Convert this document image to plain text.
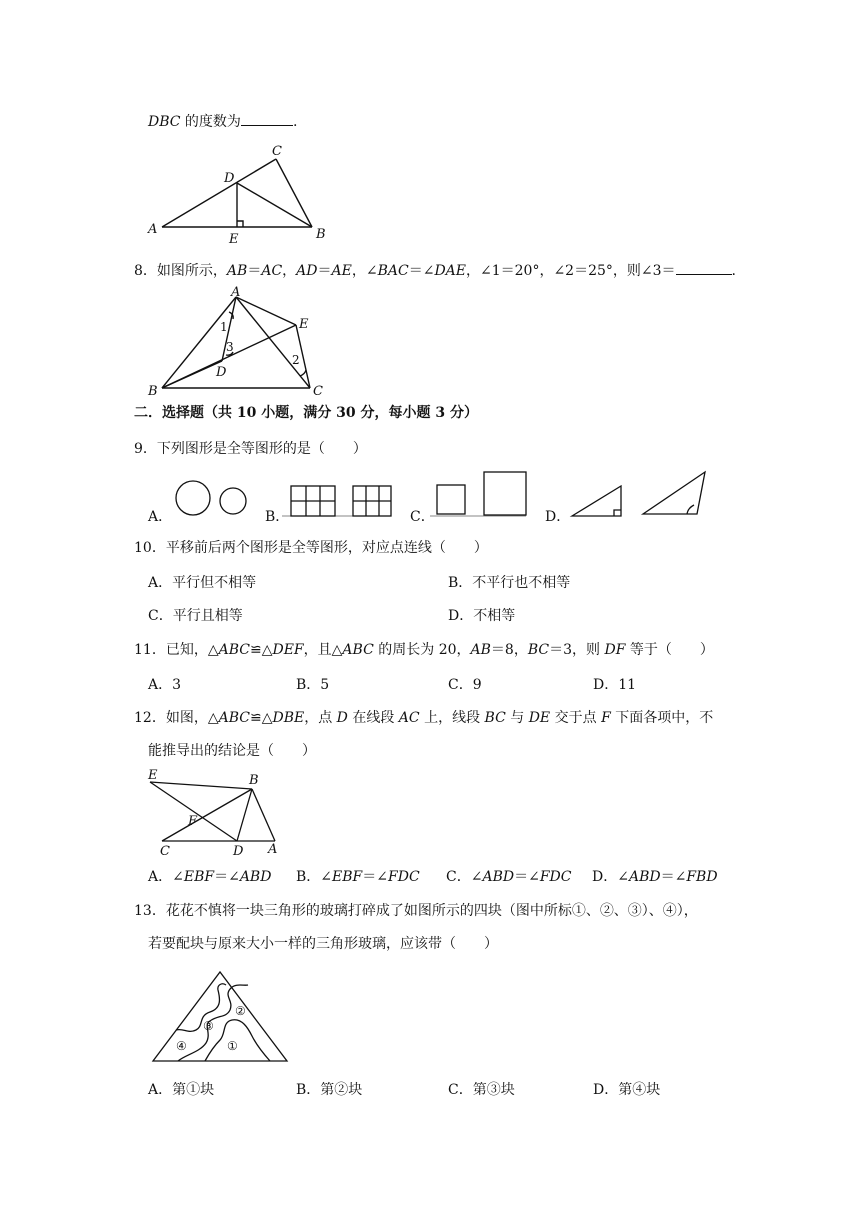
DBC 的度数为	.
A	B
C
D
E
8．如图所示，AB＝AC，AD＝AE，∠BAC＝∠DAE，∠1＝20°，∠2＝25°，则∠3＝	.
A
B	C
D
E
1
2
3
二．选择题（共 10 小题，满分 30 分，每小题 3 分）
9．下列图形是全等图形的是（　　）
A．	B．	C．	D．
10．平移前后两个图形是全等图形，对应点连线（　　）
A．平行但不相等	B．不平行也不相等
C．平行且相等	D．不相等
11．已知，△ABC≌△DEF，且△ABC 的周长为 20，AB＝8，BC＝3，则 DF 等于（　　）
A．3	B．5	C．9	D．11
12．如图，△ABC≌△DBE，点 D 在线段 AC 上，线段 BC 与 DE 交于点 F 下面各项中，不
能推导出的结论是（　　）
E	B
F
C	D A
A．∠EBF＝∠ABD B．∠EBF＝∠FDC C．∠ABD＝∠FDC D．∠ABD＝∠FBD
13．花花不慎将一块三角形的玻璃打碎成了如图所示的四块（图中所标①、②、③）、④），
若要配块与原来大小一样的三角形玻璃，应该带（　　）
②
③
④	①
A．第①块	B．第②块	C．第③块	D．第④块
